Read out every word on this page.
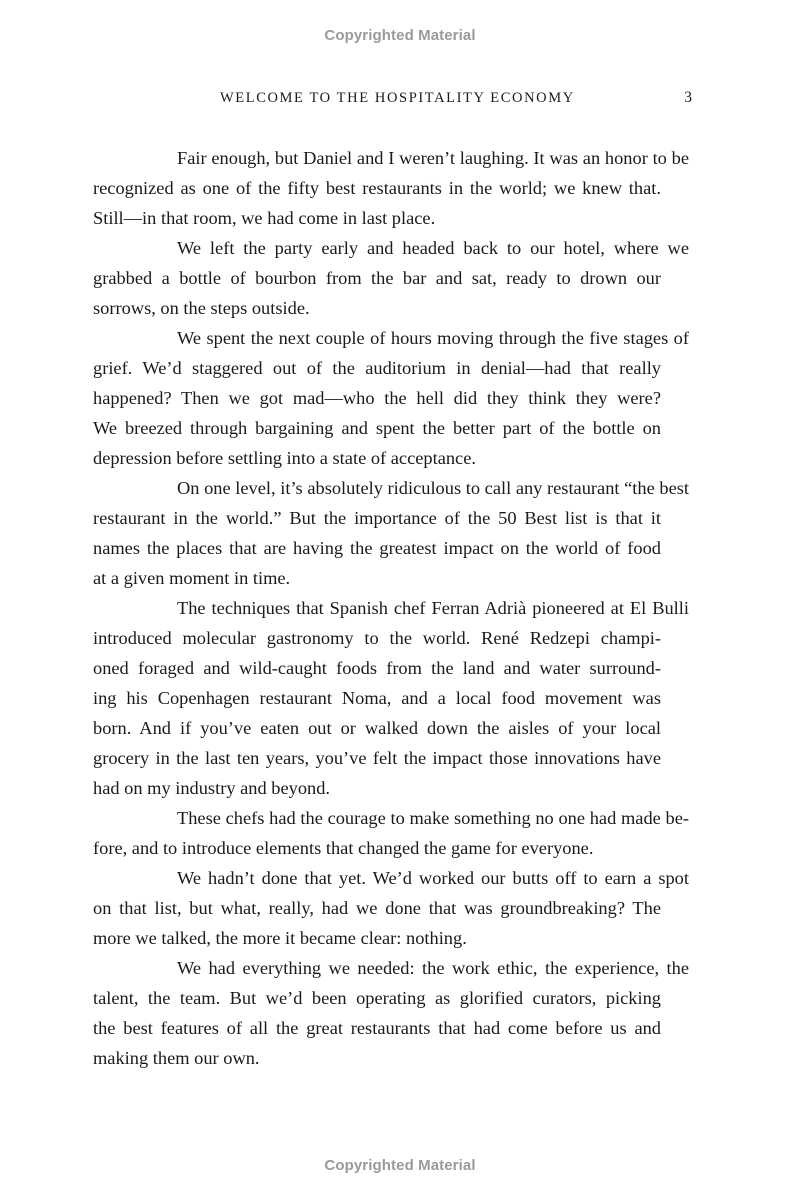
Copyrighted Material
WELCOME TO THE HOSPITALITY ECONOMY	3

Fair enough, but Daniel and I weren’t laughing. It was an honor to be
recognized as one of the fifty best restaurants in the world; we knew that.
Still—in that room, we had come in last place.

We left the party early and headed back to our hotel, where we
grabbed a bottle of bourbon from the bar and sat, ready to drown our
sorrows, on the steps outside.

We spent the next couple of hours moving through the five stages of
grief. We’d staggered out of the auditorium in denial—had that really
happened? Then we got mad—who the hell did they think they were?
We breezed through bargaining and spent the better part of the bottle on
depression before settling into a state of acceptance.

On one level, it’s absolutely ridiculous to call any restaurant “the best
restaurant in the world.” But the importance of the 50 Best list is that it
names the places that are having the greatest impact on the world of food
at a given moment in time.

The techniques that Spanish chef Ferran Adrià pioneered at El Bulli
introduced molecular gastronomy to the world. René Redzepi champi-
oned foraged and wild-caught foods from the land and water surround-
ing his Copenhagen restaurant Noma, and a local food movement was
born. And if you’ve eaten out or walked down the aisles of your local
grocery in the last ten years, you’ve felt the impact those innovations have
had on my industry and beyond.

These chefs had the courage to make something no one had made be-
fore, and to introduce elements that changed the game for everyone.

We hadn’t done that yet. We’d worked our butts off to earn a spot
on that list, but what, really, had we done that was groundbreaking? The
more we talked, the more it became clear: nothing.

We had everything we needed: the work ethic, the experience, the
talent, the team. But we’d been operating as glorified curators, picking
the best features of all the great restaurants that had come before us and
making them our own.

Copyrighted Material
